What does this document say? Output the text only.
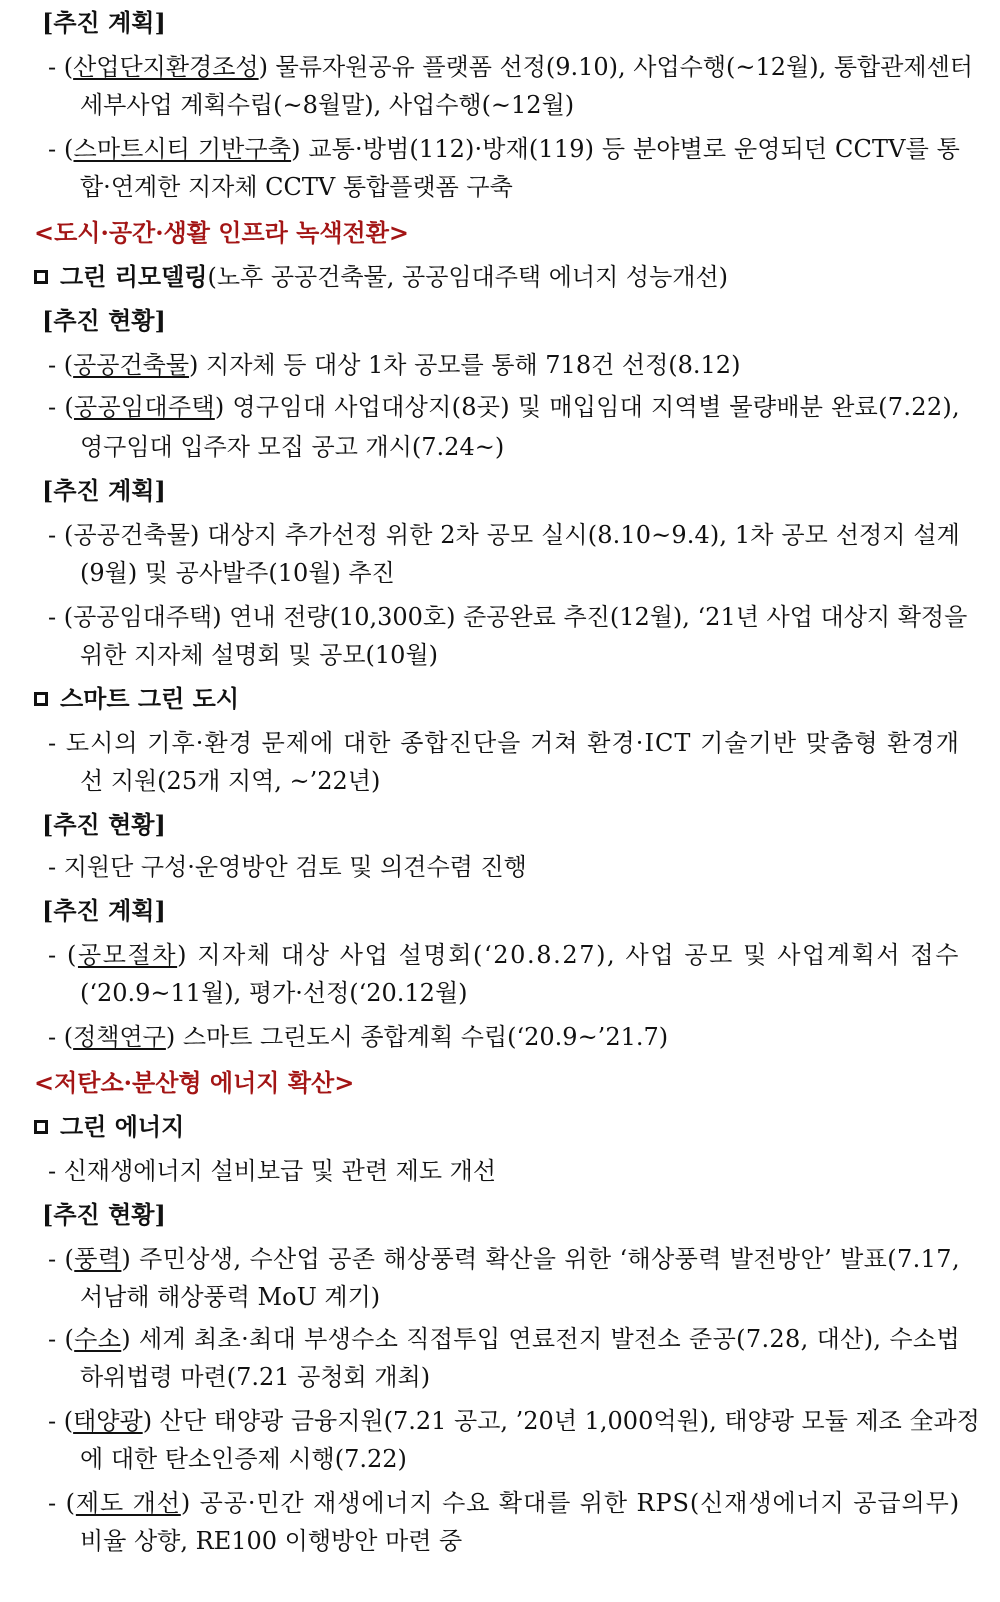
[추진 계획]
- (산업단지환경조성) 물류자원공유 플랫폼 선정(9.10), 사업수행(~12월), 통합관제센터
세부사업 계획수립(~8월말), 사업수행(~12월)
- (스마트시티 기반구축) 교통·방범(112)·방재(119) 등 분야별로 운영되던 CCTV를 통
합·연계한 지자체 CCTV 통합플랫폼 구축
<도시·공간·생활 인프라 녹색전환>
그린 리모델링(노후 공공건축물, 공공임대주택 에너지 성능개선)
[추진 현황]
- (공공건축물) 지자체 등 대상 1차 공모를 통해 718건 선정(8.12)
- (공공임대주택) 영구임대 사업대상지(8곳) 및 매입임대 지역별 물량배분 완료(7.22),
영구임대 입주자 모집 공고 개시(7.24~)
[추진 계획]
- (공공건축물) 대상지 추가선정 위한 2차 공모 실시(8.10~9.4), 1차 공모 선정지 설계
(9월) 및 공사발주(10월) 추진
- (공공임대주택) 연내 전량(10,300호) 준공완료 추진(12월), ‘21년 사업 대상지 확정을
위한 지자체 설명회 및 공모(10월)
스마트 그린 도시
- 도시의 기후·환경 문제에 대한 종합진단을 거쳐 환경·ICT 기술기반 맞춤형 환경개
선 지원(25개 지역, ~’22년)
[추진 현황]
- 지원단 구성·운영방안 검토 및 의견수렴 진행
[추진 계획]
- (공모절차) 지자체 대상 사업 설명회(‘20.8.27), 사업 공모 및 사업계획서 접수
(‘20.9~11월), 평가·선정(‘20.12월)
- (정책연구) 스마트 그린도시 종합계획 수립(‘20.9~’21.7)
<저탄소·분산형 에너지 확산>
그린 에너지
- 신재생에너지 설비보급 및 관련 제도 개선
[추진 현황]
- (풍력) 주민상생, 수산업 공존 해상풍력 확산을 위한 ‘해상풍력 발전방안’ 발표(7.17,
서남해 해상풍력 MoU 계기)
- (수소) 세계 최초·최대 부생수소 직접투입 연료전지 발전소 준공(7.28, 대산), 수소법
하위법령 마련(7.21 공청회 개최)
- (태양광) 산단 태양광 금융지원(7.21 공고, ’20년 1,000억원), 태양광 모듈 제조 全과정
에 대한 탄소인증제 시행(7.22)
- (제도 개선) 공공·민간 재생에너지 수요 확대를 위한 RPS(신재생에너지 공급의무)
비율 상향, RE100 이행방안 마련 중
